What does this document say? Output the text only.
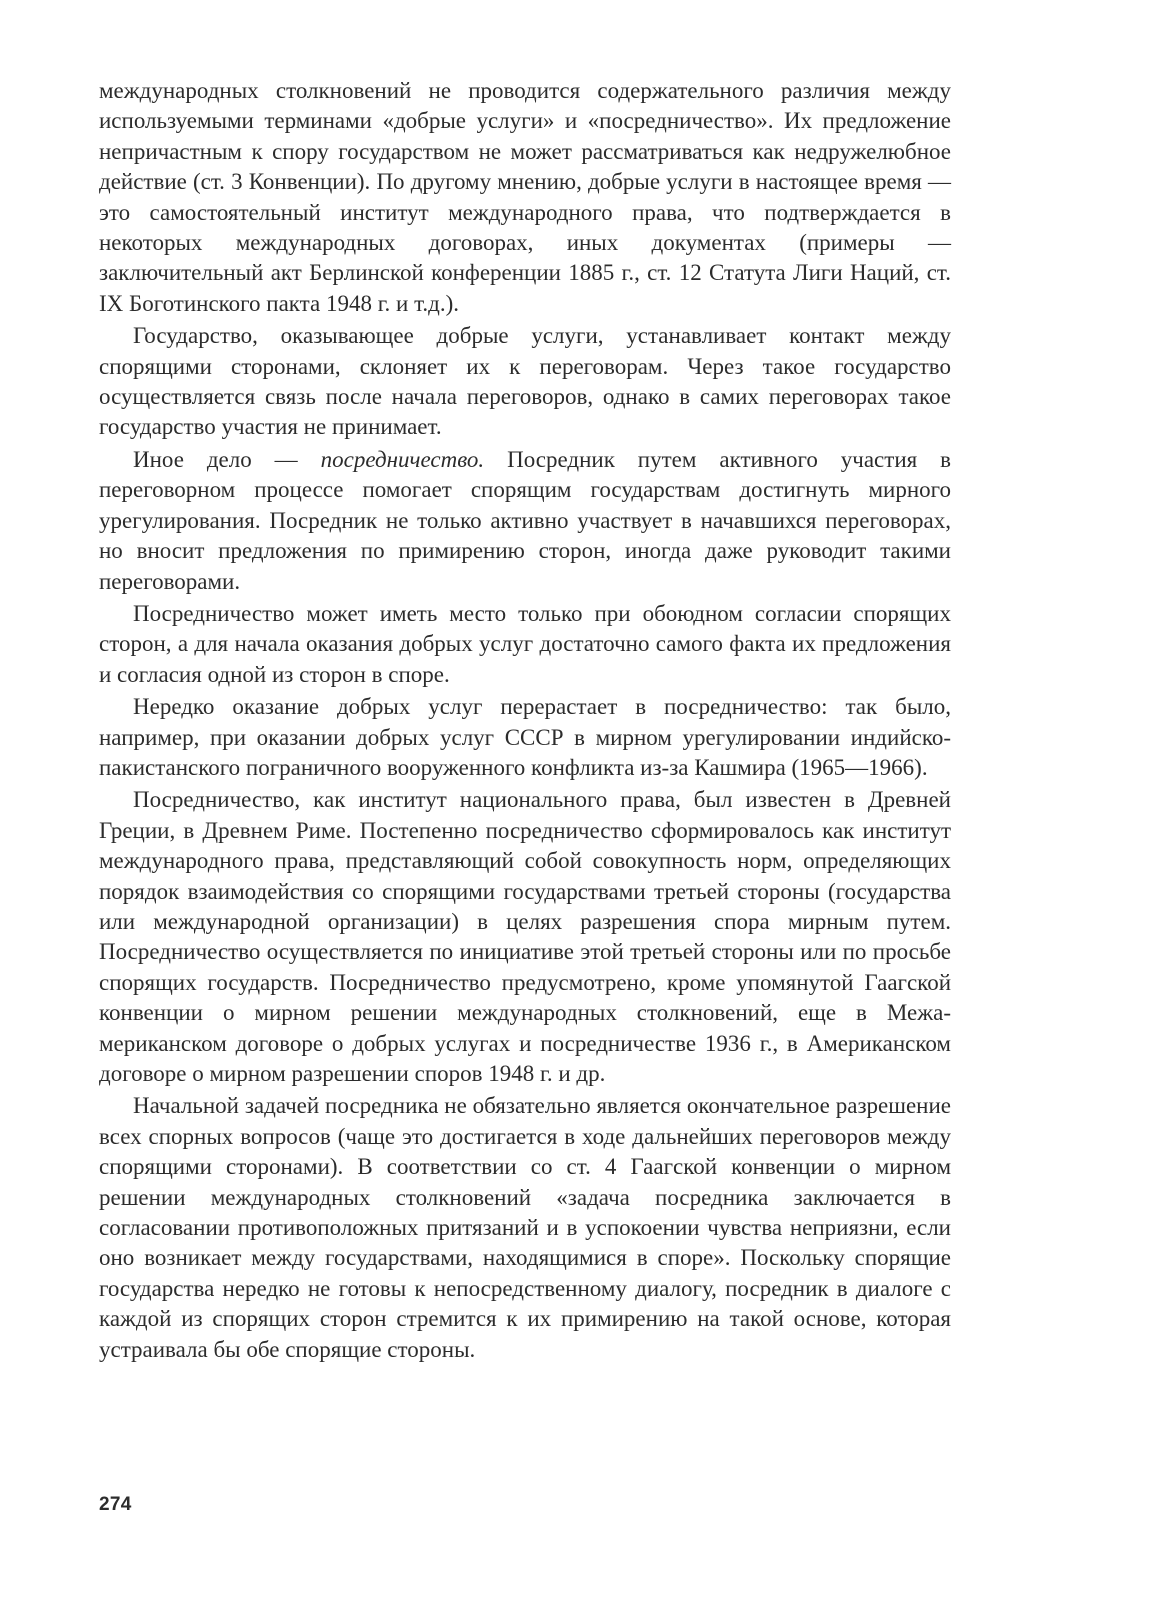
международных столкновений не проводится содержательного различия между используемыми терминами «добрые услуги» и «посредничество». Их предложение непричастным к спору государством не может рассматриваться как недружелюбное действие (ст. 3 Конвенции). По другому мнению, добрые услуги в настоящее время — это самостоятельный институт международного права, что подтверждается в некоторых международных договорах, иных документах (примеры — заключительный акт Берлинской конференции 1885 г., ст. 12 Статута Лиги Наций, ст. IX Боготинского пакта 1948 г. и т.д.).

Государство, оказывающее добрые услуги, устанавливает контакт между спорящими сторонами, склоняет их к переговорам. Через такое государство осуществляется связь после начала переговоров, однако в самих переговорах такое государство участия не принимает.

Иное дело — посредничество. Посредник путем активного участия в переговорном процессе помогает спорящим государствам достигнуть мирного урегулирования. Посредник не только активно участвует в начавшихся переговорах, но вносит предложения по примирению сторон, иногда даже руководит такими переговорами.

Посредничество может иметь место только при обоюдном согласии спорящих сторон, а для начала оказания добрых услуг достаточно самого факта их предложения и согласия одной из сторон в споре.

Нередко оказание добрых услуг перерастает в посредничество: так было, например, при оказании добрых услуг СССР в мирном урегулировании индийско-пакистанского пограничного вооруженного конфликта из-за Кашмира (1965—1966).

Посредничество, как институт национального права, был известен в Древней Греции, в Древнем Риме. Постепенно посредничество сформировалось как институт международного права, представляющий собой совокупность норм, определяющих порядок взаимодействия со спорящими государствами третьей стороны (государства или международной организации) в целях разрешения спора мирным путем. Посредничество осуществляется по инициативе этой третьей стороны или по просьбе спорящих государств. Посредничество предусмотрено, кроме упомянутой Гаагской конвенции о мирном решении международных столкновений, еще в Межамериканском договоре о добрых услугах и посредничестве 1936 г., в Американском договоре о мирном разрешении споров 1948 г. и др.

Начальной задачей посредника не обязательно является окончательное разрешение всех спорных вопросов (чаще это достигается в ходе дальнейших переговоров между спорящими сторонами). В соответствии со ст. 4 Гаагской конвенции о мирном решении международных столкновений «задача посредника заключается в согласовании противоположных притязаний и в успокоении чувства неприязни, если оно возникает между государствами, находящимися в споре». Поскольку спорящие государства нередко не готовы к непосредственному диалогу, посредник в диалоге с каждой из спорящих сторон стремится к их примирению на такой основе, которая устраивала бы обе спорящие стороны.

274
